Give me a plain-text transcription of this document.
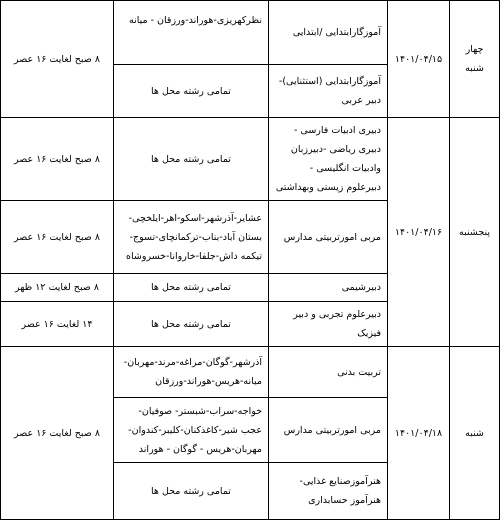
چهار شنبه
۱۴۰۱/۰۴/۱۵
آموزگارابتدایی /ابتدایی
نظرکهریزی-هوراند-ورزقان - میانه
۸ صبح لغایت ۱۶ عصر
آموزگارابتدایی (استثنایی)-دبیر عربی
تمامی رشته محل ها
پنجشنبه
۱۴۰۱/۰۴/۱۶
دبیری ادبیات فارسی - دبیری ریاضی -دبیرزبان وادبیات انگلیسی - دبیرعلوم زیستی وبهداشتی
تمامی رشته محل ها
۸ صبح لغایت ۱۶ عصر
مربی امورتربیتی مدارس
عشایر-آذرشهر-اسکو-اهر-ایلخچی-بستان آباد-بناب-ترکمانچای-تسوج- تیکمه داش-جلفا-خاروانا-خسروشاه
۸ صبح لغایت ۱۶ عصر
دبیرشیمی
تمامی رشته محل ها
۸ صبح لغایت ۱۲ ظهر
دبیرعلوم تجربی و دبیر فیزیک
تمامی رشته محل ها
۱۴ لغایت ۱۶ عصر
شنبه
۱۴۰۱/۰۴/۱۸
تربیت بدنی
آذرشهر-گوگان-مراغه-مرند-مهربان-میانه-هریس-هوراند-ورزقان
مربی امورتربیتی مدارس
خواجه-سراب-شبستر- صوفیان-عجب شیر-کاغذکنان-کلیبر-کندوان-مهربان-هریس - گوگان - هوراند
هنرآموزصنایع غذایی- هنرآموز حسابداری
تمامی رشته محل ها
۸ صبح لغایت ۱۶ عصر
